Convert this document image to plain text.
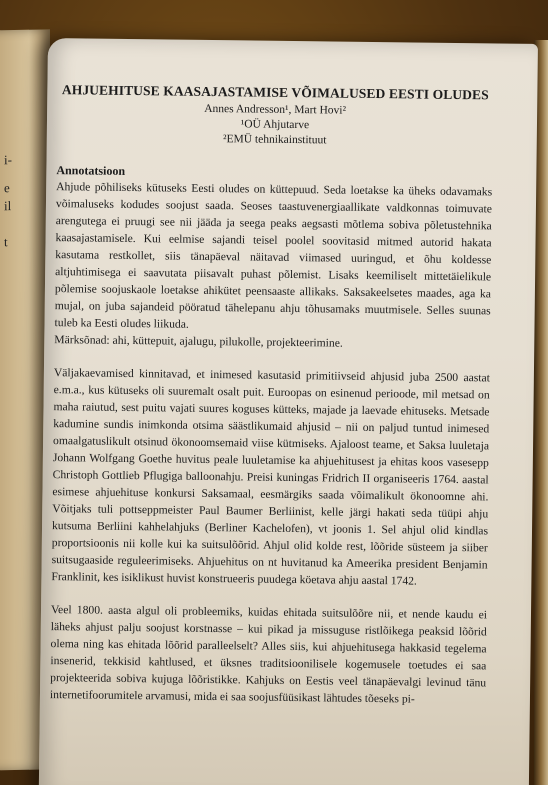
i-
e
il
t
AHJUEHITUSE KAASAJASTAMISE VÕIMALUSED EESTI OLUDES

Annes Andresson¹, Mart Hovi²

¹OÜ Ahjutarve

²EMÜ tehnikainstituut

Annotatsioon

Ahjude põhiliseks kütuseks Eesti oludes on küttepuud. Seda loetakse ka üheks odavamaks võimaluseks kodudes soojust saada. Seoses taastuvenergiaallikate valdkonnas toimuvate arengutega ei pruugi see nii jääda ja seega peaks aegsasti mõtlema sobiva põletustehnika kaasajastamisele. Kui eelmise sajandi teisel poolel soovitasid mitmed autorid hakata kasutama restkollet, siis tänapäeval näitavad viimased uuringud, et õhu koldesse altjuhtimisega ei saavutata piisavalt puhast põlemist. Lisaks keemiliselt mittetäielikule põlemise soojuskaole loetakse ahikütet peensaaste allikaks. Saksakeelsetes maades, aga ka mujal, on juba sajandeid pööratud tähelepanu ahju tõhusamaks muutmisele. Selles suunas tuleb ka Eesti oludes liikuda.

Märksõnad: ahi, küttepuit, ajalugu, pilukolle, projekteerimine.

Väljakaevamised kinnitavad, et inimesed kasutasid primitiivseid ahjusid juba 2500 aastat e.m.a., kus kütuseks oli suuremalt osalt puit. Euroopas on esinenud perioode, mil metsad on maha raiutud, sest puitu vajati suures koguses kütteks, majade ja laevade ehituseks. Metsade kadumine sundis inimkonda otsima säästlikumaid ahjusid – nii on paljud tuntud inimesed omaalgatuslikult otsinud ökonoomsemaid viise kütmiseks. Ajaloost teame, et Saksa luuletaja Johann Wolfgang Goethe huvitus peale luuletamise ka ahjuehitusest ja ehitas koos vasesepp Christoph Gottlieb Pflugiga balloonahju. Preisi kuningas Fridrich II organiseeris 1764. aastal esimese ahjuehituse konkursi Saksamaal, eesmärgiks saada võimalikult ökonoomne ahi. Võitjaks tuli pottseppmeister Paul Baumer Berliinist, kelle järgi hakati seda tüüpi ahju kutsuma Berliini kahhelahjuks (Berliner Kachelofen), vt joonis 1. Sel ahjul olid kindlas proportsioonis nii kolle kui ka suitsulõõrid. Ahjul olid kolde rest, lõõride süsteem ja siiber suitsugaaside reguleerimiseks. Ahjuehitus on nt huvitanud ka Ameerika president Benjamin Franklinit, kes isiklikust huvist konstrueeris puudega köetava ahju aastal 1742.

Veel 1800. aasta algul oli probleemiks, kuidas ehitada suitsulõõre nii, et nende kaudu ei läheks ahjust palju soojust korstnasse – kui pikad ja missuguse ristlõikega peaksid lõõrid olema ning kas ehitada lõõrid paralleelselt? Alles siis, kui ahjuehitusega hakkasid tegelema insenerid, tekkisid kahtlused, et üksnes traditsioonilisele kogemusele toetudes ei saa projekteerida sobiva kujuga lõõristikke. Kahjuks on Eestis veel tänapäevalgi levinud tänu internetifoorumitele arvamusi, mida ei saa soojusfüüsikast lähtudes tõeseks pi-
